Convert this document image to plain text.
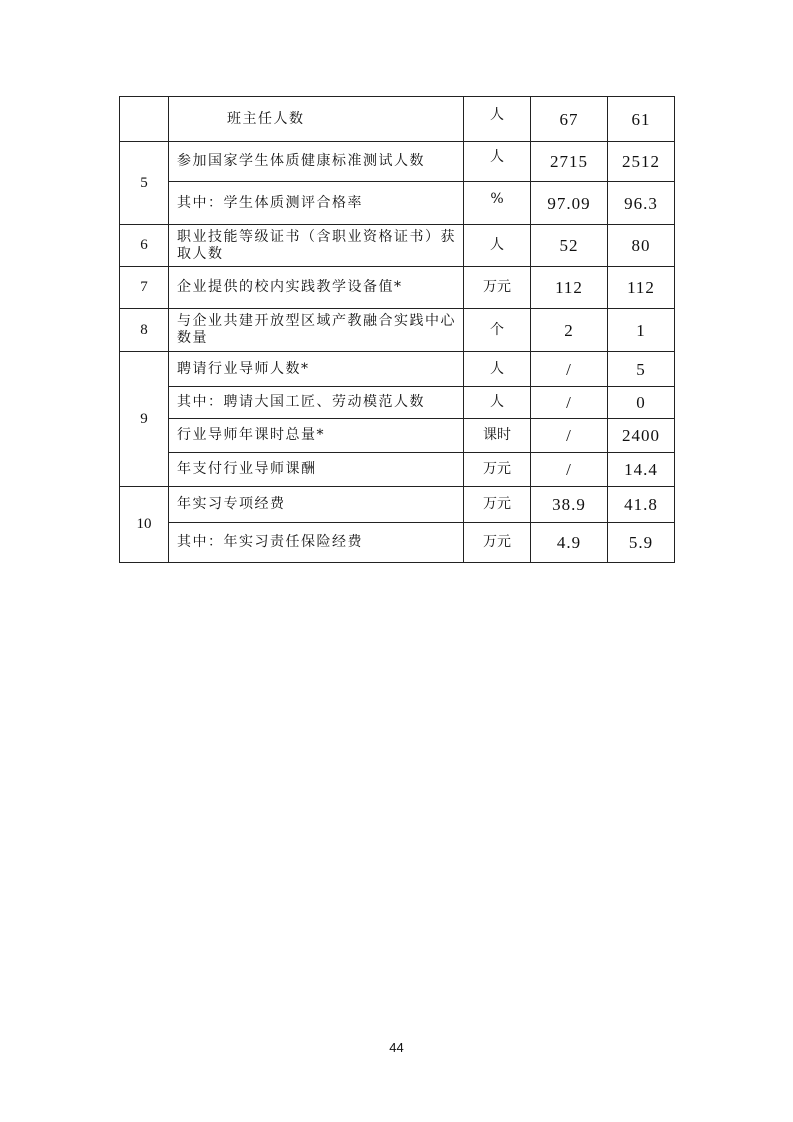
	班主任人数	人	67	61
5	参加国家学生体质健康标准测试人数	人	2715	2512
	其中：学生体质测评合格率	%	97.09	96.3
6	职业技能等级证书（含职业资格证书）获取人数	人	52	80
7	企业提供的校内实践教学设备值*	万元	112	112
8	与企业共建开放型区域产教融合实践中心数量	个	2	1
9	聘请行业导师人数*	人	/	5
	其中：聘请大国工匠、劳动模范人数	人	/	0
	行业导师年课时总量*	课时	/	2400
	年支付行业导师课酬	万元	/	14.4
10	年实习专项经费	万元	38.9	41.8
	其中：年实习责任保险经费	万元	4.9	5.9
44
